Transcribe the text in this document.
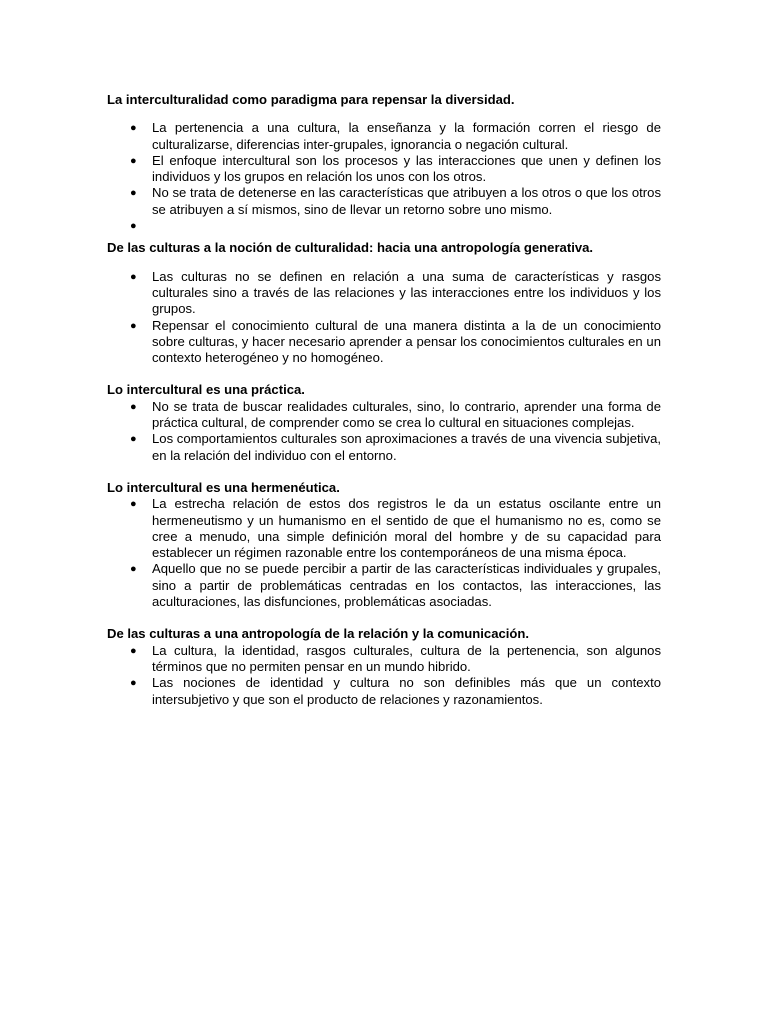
La interculturalidad como paradigma para repensar la diversidad.

● La pertenencia a una cultura, la enseñanza y la formación corren el riesgo de culturalizarse, diferencias inter-grupales, ignorancia o negación cultural.
● El enfoque intercultural son los procesos y las interacciones que unen y definen los individuos y los grupos en relación los unos con los otros.
● No se trata de detenerse en las características que atribuyen a los otros o que los otros se atribuyen a sí mismos, sino de llevar un retorno sobre uno mismo.
●

De las culturas a la noción de culturalidad: hacia una antropología generativa.

● Las culturas no se definen en relación a una suma de características y rasgos culturales sino a través de las relaciones y las interacciones entre los individuos y los grupos.
● Repensar el conocimiento cultural de una manera distinta a la de un conocimiento sobre culturas, y hacer necesario aprender a pensar los conocimientos culturales en un contexto heterogéneo y no homogéneo.

Lo intercultural es una práctica.

● No se trata de buscar realidades culturales, sino, lo contrario, aprender una forma de práctica cultural, de comprender como se crea lo cultural en situaciones complejas.
● Los comportamientos culturales son aproximaciones a través de una vivencia subjetiva, en la relación del individuo con el entorno.

Lo intercultural es una hermenéutica.

● La estrecha relación de estos dos registros le da un estatus oscilante entre un hermeneutismo y un humanismo en el sentido de que el humanismo no es, como se cree a menudo, una simple definición moral del hombre y de su capacidad para establecer un régimen razonable entre los contemporáneos de una misma época.
● Aquello que no se puede percibir a partir de las características individuales y grupales, sino a partir de problemáticas centradas en los contactos, las interacciones, las aculturaciones, las disfunciones, problemáticas asociadas.

De las culturas a una antropología de la relación y la comunicación.

● La cultura, la identidad, rasgos culturales, cultura de la pertenencia, son algunos términos que no permiten pensar en un mundo hibrido.
● Las nociones de identidad y cultura no son definibles más que un contexto intersubjetivo y que son el producto de relaciones y razonamientos.
